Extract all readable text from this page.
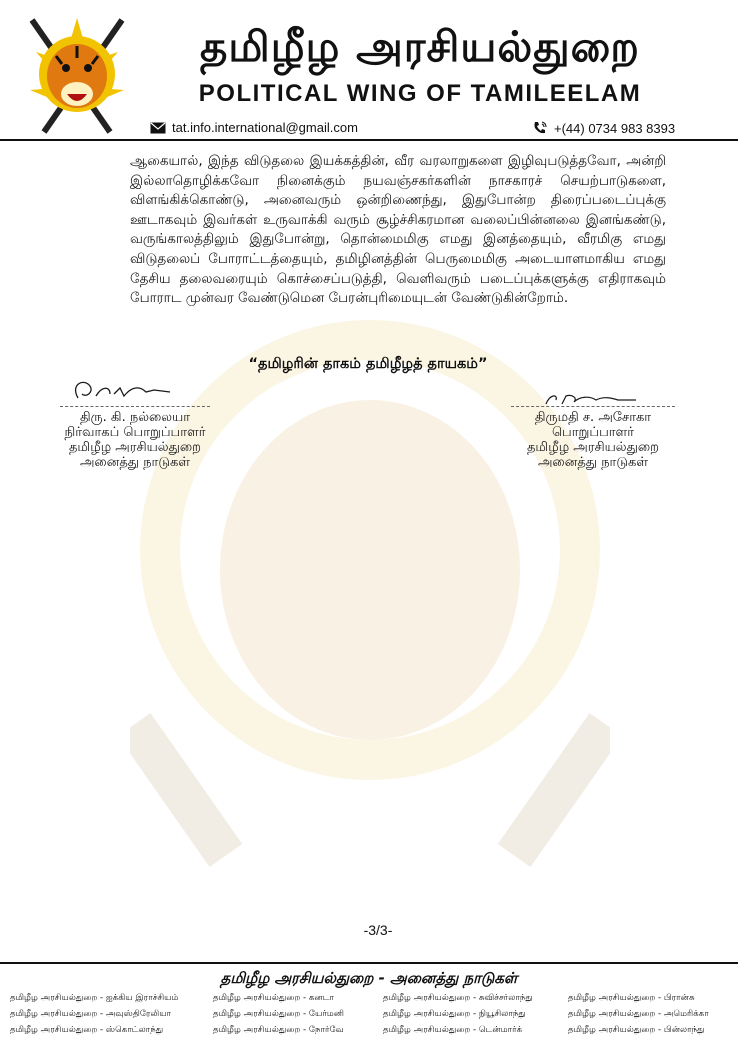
தமிழீழ அரசியல்துறை
POLITICAL WING OF TAMILEELAM
tat.info.international@gmail.com	+(44) 0734 983 8393
ஆகையால், இந்த விடுதலை இயக்கத்தின், வீர வரலாறுகளை இழிவுபடுத்தவோ, அன்றி இல்லாதொழிக்கவோ நினைக்கும் நயவஞ்சகர்களின் நாசகாரச் செயற்பாடுகளை, விளங்கிக்கொண்டு, அனைவரும் ஒன்றிணைந்து, இதுபோன்ற திரைப்படைப்புக்கு ஊடாகவும் இவர்கள் உருவாக்கி வரும் சூழ்ச்சிகரமான வலைப்பின்னலை இனங்கண்டு, வருங்காலத்திலும் இதுபோன்று, தொன்மைமிகு எமது இனத்தையும், வீரமிகு எமது விடுதலைப் போராட்டத்தையும், தமிழினத்தின் பெருமைமிகு அடையாளமாகிய எமது தேசிய தலைவரையும் கொச்சைப்படுத்தி, வெளிவரும் படைப்புக்களுக்கு எதிராகவும் போராட முன்வர வேண்டுமென பேரன்புரிமையுடன் வேண்டுகின்றோம்.
“தமிழரின் தாகம் தமிழீழத் தாயகம்”
திரு. கி. நல்லையா
நிர்வாகப் பொறுப்பாளர்
தமிழீழ அரசியல்துறை
அனைத்து நாடுகள்
திருமதி ச. அசோகா
பொறுப்பாளர்
தமிழீழ அரசியல்துறை
அனைத்து நாடுகள்
-3/3-
தமிழீழ அரசியல்துறை - அனைத்து நாடுகள்
தமிழீழ அரசியல்துறை - ஐக்கிய இராச்சியம்	தமிழீழ அரசியல்துறை - கனடா	தமிழீழ அரசியல்துறை - சுவிச்சர்லாந்து	தமிழீழ அரசியல்துறை - பிரான்சு
தமிழீழ அரசியல்துறை - அவுஸ்திரேலியா	தமிழீழ அரசியல்துறை - யேர்மனி	தமிழீழ அரசியல்துறை - நியூசிலாந்து	தமிழீழ அரசியல்துறை - அமெரிக்கா
தமிழீழ அரசியல்துறை - ஸ்கொட்லாந்து	தமிழீழ அரசியல்துறை - நோர்வே	தமிழீழ அரசியல்துறை - டென்மார்க்	தமிழீழ அரசியல்துறை - பின்லாந்து
